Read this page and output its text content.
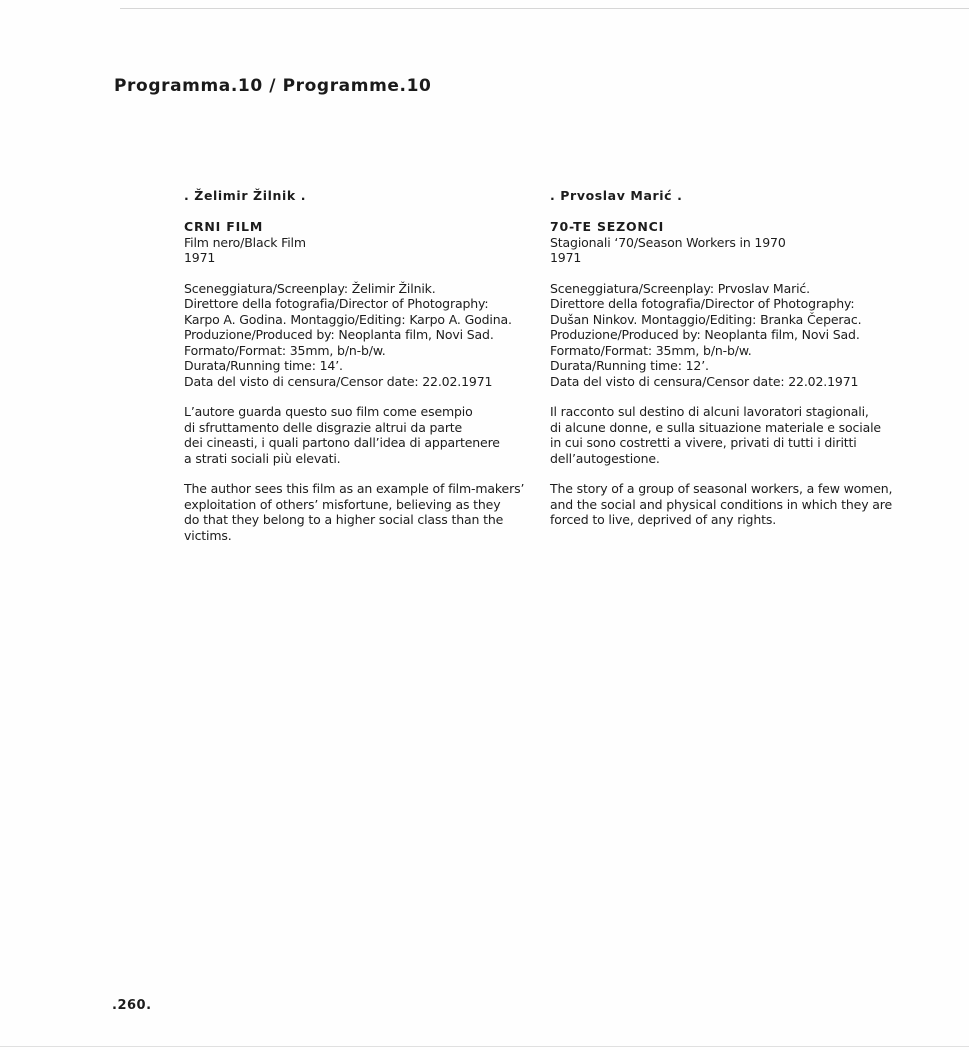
Programma.10 / Programme.10
. Želimir Žilnik .
CRNI FILM
Film nero/Black Film
1971
Sceneggiatura/Screenplay: Želimir Žilnik.
Direttore della fotografia/Director of Photography:
Karpo A. Godina. Montaggio/Editing: Karpo A. Godina.
Produzione/Produced by: Neoplanta film, Novi Sad.
Formato/Format: 35mm, b/n-b/w.
Durata/Running time: 14’.
Data del visto di censura/Censor date: 22.02.1971
L’autore guarda questo suo film come esempio
di sfruttamento delle disgrazie altrui da parte
dei cineasti, i quali partono dall’idea di appartenere
a strati sociali più elevati.
The author sees this film as an example of film-makers’
exploitation of others’ misfortune, believing as they
do that they belong to a higher social class than the
victims.
. Prvoslav Marić .
70-TE SEZONCI
Stagionali ‘70/Season Workers in 1970
1971
Sceneggiatura/Screenplay: Prvoslav Marić.
Direttore della fotografia/Director of Photography:
Dušan Ninkov. Montaggio/Editing: Branka Čeperac.
Produzione/Produced by: Neoplanta film, Novi Sad.
Formato/Format: 35mm, b/n-b/w.
Durata/Running time: 12’.
Data del visto di censura/Censor date: 22.02.1971
Il racconto sul destino di alcuni lavoratori stagionali,
di alcune donne, e sulla situazione materiale e sociale
in cui sono costretti a vivere, privati di tutti i diritti
dell’autogestione.
The story of a group of seasonal workers, a few women,
and the social and physical conditions in which they are
forced to live, deprived of any rights.
.260.
